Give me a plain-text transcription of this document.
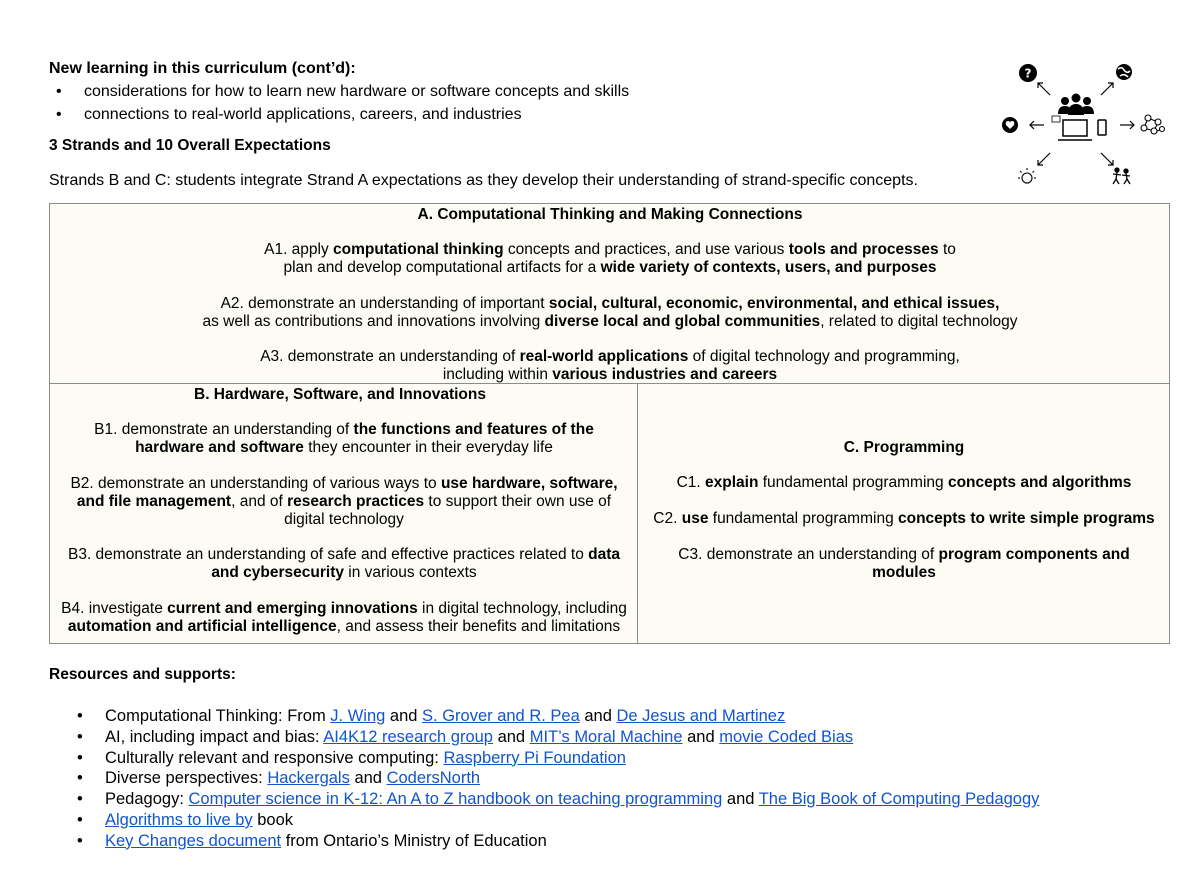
New learning in this curriculum (cont’d):
• considerations for how to learn new hardware or software concepts and skills
• connections to real-world applications, careers, and industries
3 Strands and 10 Overall Expectations
Strands B and C: students integrate Strand A expectations as they develop their understanding of strand-specific concepts.
?
A. Computational Thinking and Making Connections
A1. apply computational thinking concepts and practices, and use various tools and processes to
plan and develop computational artifacts for a wide variety of contexts, users, and purposes
A2. demonstrate an understanding of important social, cultural, economic, environmental, and ethical issues,
as well as contributions and innovations involving diverse local and global communities, related to digital technology
A3. demonstrate an understanding of real-world applications of digital technology and programming,
including within various industries and careers
B. Hardware, Software, and Innovations
B1. demonstrate an understanding of the functions and features of the
hardware and software they encounter in their everyday life
B2. demonstrate an understanding of various ways to use hardware, software,
and file management, and of research practices to support their own use of
digital technology
B3. demonstrate an understanding of safe and effective practices related to data
and cybersecurity in various contexts
B4. investigate current and emerging innovations in digital technology, including
automation and artificial intelligence, and assess their benefits and limitations
C. Programming
C1. explain fundamental programming concepts and algorithms
C2. use fundamental programming concepts to write simple programs
C3. demonstrate an understanding of program components and
modules
Resources and supports:
• Computational Thinking: From J. Wing and S. Grover and R. Pea and De Jesus and Martinez
• AI, including impact and bias: AI4K12 research group and MIT’s Moral Machine and movie Coded Bias
• Culturally relevant and responsive computing: Raspberry Pi Foundation
• Diverse perspectives: Hackergals and CodersNorth
• Pedagogy: Computer science in K-12: An A to Z handbook on teaching programming and The Big Book of Computing Pedagogy
• Algorithms to live by book
• Key Changes document from Ontario’s Ministry of Education
